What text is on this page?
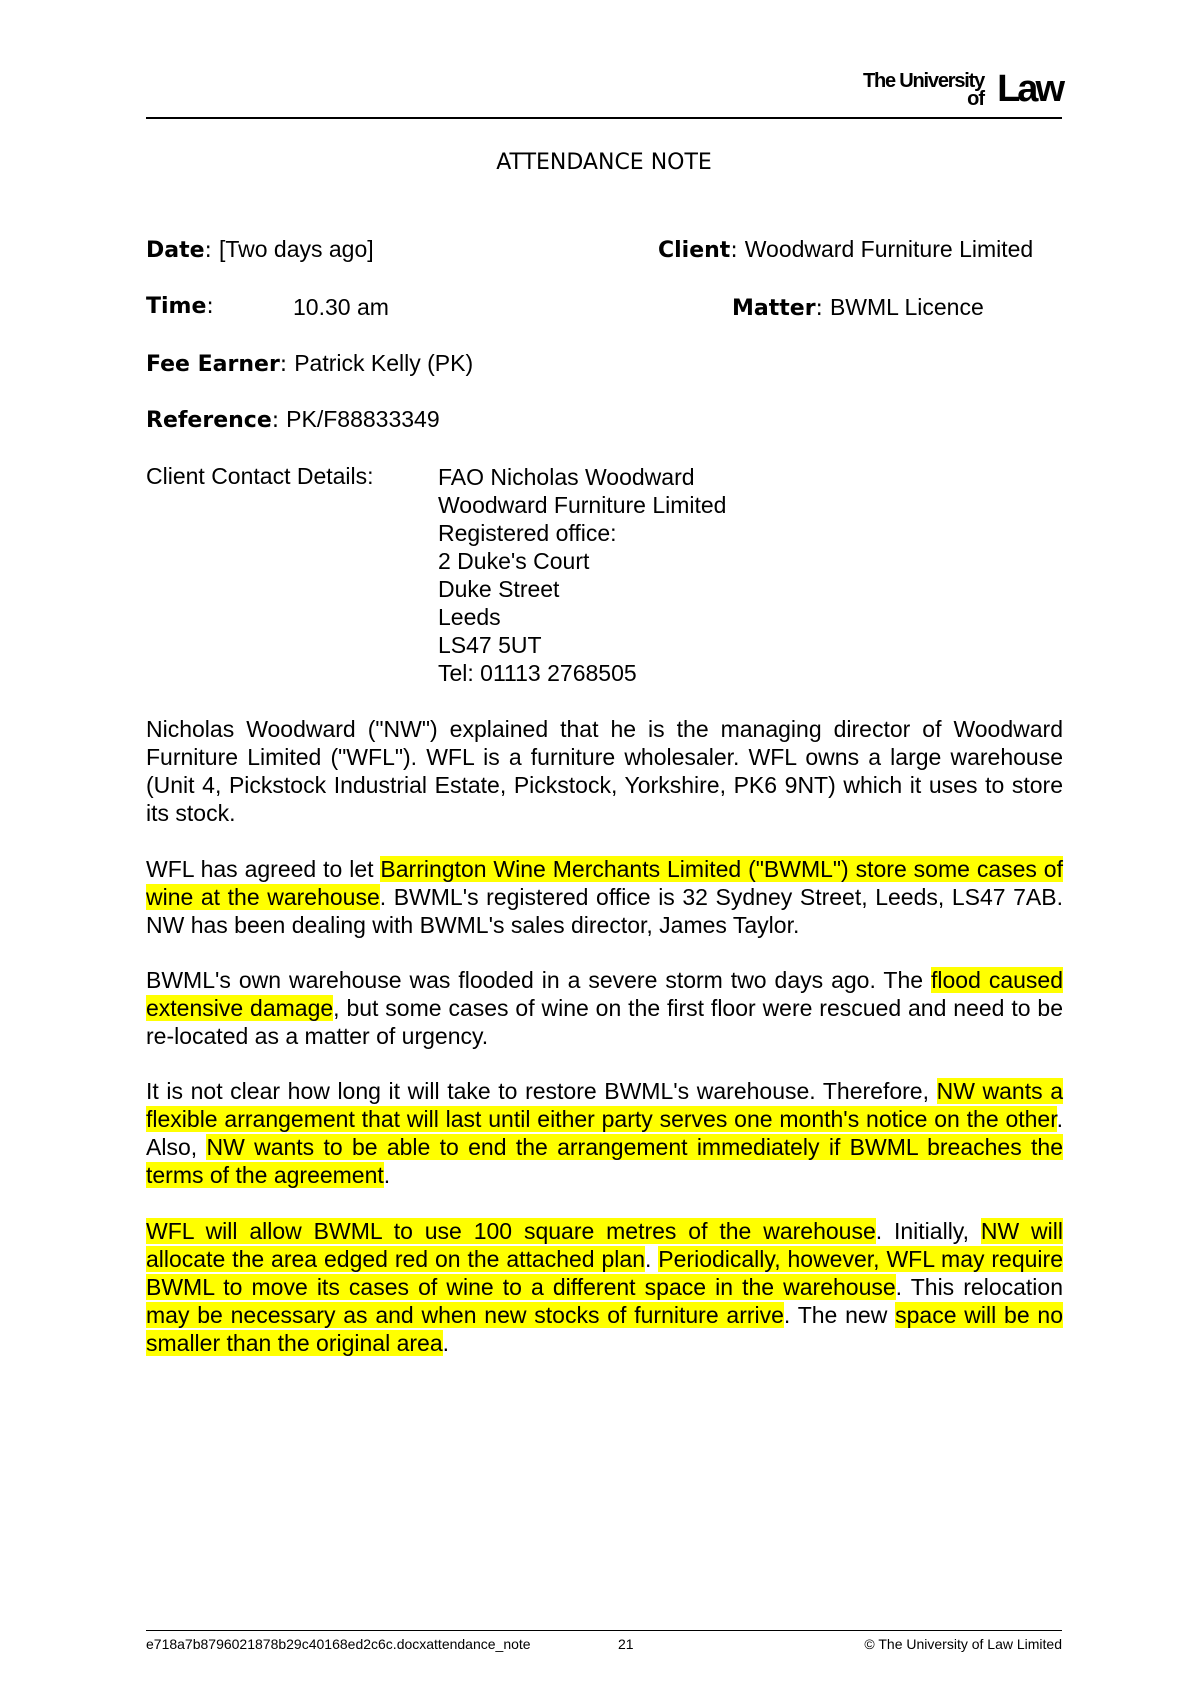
The University
of Law
ATTENDANCE NOTE
Date: [Two days ago]	Client: Woodward Furniture Limited
Time:	10.30 am	Matter: BWML Licence
Fee Earner: Patrick Kelly (PK)
Reference: PK/F88833349
Client Contact Details:	FAO Nicholas Woodward
Woodward Furniture Limited
Registered office:
2 Duke's Court
Duke Street
Leeds
LS47 5UT
Tel: 01113 2768505
Nicholas Woodward ("NW") explained that he is the managing director of Woodward Furniture Limited ("WFL"). WFL is a furniture wholesaler. WFL owns a large warehouse (Unit 4, Pickstock Industrial Estate, Pickstock, Yorkshire, PK6 9NT) which it uses to store its stock.
WFL has agreed to let Barrington Wine Merchants Limited ("BWML") store some cases of wine at the warehouse. BWML's registered office is 32 Sydney Street, Leeds, LS47 7AB. NW has been dealing with BWML's sales director, James Taylor.
BWML's own warehouse was flooded in a severe storm two days ago. The flood caused extensive damage, but some cases of wine on the first floor were rescued and need to be re-located as a matter of urgency.
It is not clear how long it will take to restore BWML's warehouse. Therefore, NW wants a flexible arrangement that will last until either party serves one month's notice on the other. Also, NW wants to be able to end the arrangement immediately if BWML breaches the terms of the agreement.
WFL will allow BWML to use 100 square metres of the warehouse. Initially, NW will allocate the area edged red on the attached plan. Periodically, however, WFL may require BWML to move its cases of wine to a different space in the warehouse. This relocation may be necessary as and when new stocks of furniture arrive. The new space will be no smaller than the original area.
e718a7b8796021878b29c40168ed2c6c.docxattendance_note	21	© The University of Law Limited
